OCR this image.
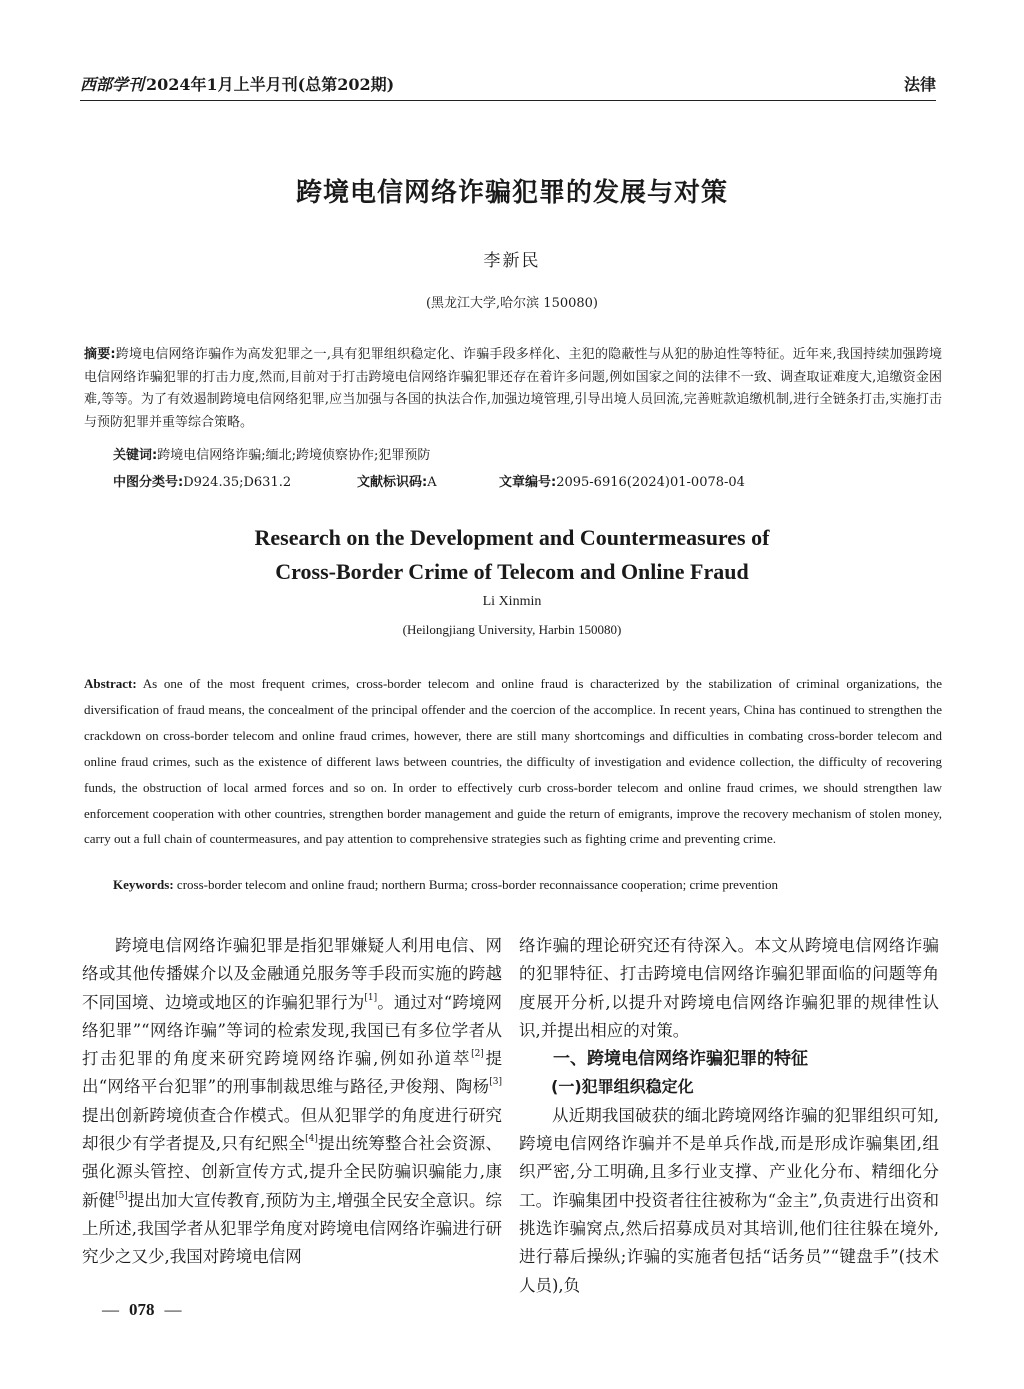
西部学刊 2024年1月上半月刊(总第202期)	法律
跨境电信网络诈骗犯罪的发展与对策
李新民
(黑龙江大学,哈尔滨 150080)
摘要:跨境电信网络诈骗作为高发犯罪之一,具有犯罪组织稳定化、诈骗手段多样化、主犯的隐蔽性与从犯的胁迫性等特征。近年来,我国持续加强跨境电信网络诈骗犯罪的打击力度,然而,目前对于打击跨境电信网络诈骗犯罪还存在着许多问题,例如国家之间的法律不一致、调查取证难度大,追缴资金困难,等等。为了有效遏制跨境电信网络犯罪,应当加强与各国的执法合作,加强边境管理,引导出境人员回流,完善赃款追缴机制,进行全链条打击,实施打击与预防犯罪并重等综合策略。
关键词:跨境电信网络诈骗;缅北;跨境侦察协作;犯罪预防
中图分类号:D924.35;D631.2	文献标识码:A	文章编号:2095-6916(2024)01-0078-04
Research on the Development and Countermeasures of
Cross-Border Crime of Telecom and Online Fraud
Li Xinmin
(Heilongjiang University, Harbin 150080)
Abstract: As one of the most frequent crimes, cross-border telecom and online fraud is characterized by the stabilization of criminal organizations, the diversification of fraud means, the concealment of the principal offender and the coercion of the accomplice. In recent years, China has continued to strengthen the crackdown on cross-border telecom and online fraud crimes, however, there are still many shortcomings and difficulties in combating cross-border telecom and online fraud crimes, such as the existence of different laws between countries, the difficulty of investigation and evidence collection, the difficulty of recovering funds, the obstruction of local armed forces and so on. In order to effectively curb cross-border telecom and online fraud crimes, we should strengthen law enforcement cooperation with other countries, strengthen border management and guide the return of emigrants, improve the recovery mechanism of stolen money, carry out a full chain of countermeasures, and pay attention to comprehensive strategies such as fighting crime and preventing crime.
Keywords: cross-border telecom and online fraud; northern Burma; cross-border reconnaissance cooperation; crime prevention

跨境电信网络诈骗犯罪是指犯罪嫌疑人利用电信、网络或其他传播媒介以及金融通兑服务等手段而实施的跨越不同国境、边境或地区的诈骗犯罪行为[1]。通过对“跨境网络犯罪”“网络诈骗”等词的检索发现,我国已有多位学者从打击犯罪的角度来研究跨境网络诈骗,例如孙道萃[2]提出“网络平台犯罪”的刑事制裁思维与路径,尹俊翔、陶杨[3]提出创新跨境侦查合作模式。但从犯罪学的角度进行研究却很少有学者提及,只有纪熙全[4]提出统筹整合社会资源、强化源头管控、创新宣传方式,提升全民防骗识骗能力,康新健[5]提出加大宣传教育,预防为主,增强全民安全意识。综上所述,我国学者从犯罪学角度对跨境电信网络诈骗进行研究少之又少,我国对跨境电信网

络诈骗的理论研究还有待深入。本文从跨境电信网络诈骗的犯罪特征、打击跨境电信网络诈骗犯罪面临的问题等角度展开分析,以提升对跨境电信网络诈骗犯罪的规律性认识,并提出相应的对策。

一、跨境电信网络诈骗犯罪的特征

(一)犯罪组织稳定化

从近期我国破获的缅北跨境网络诈骗的犯罪组织可知,跨境电信网络诈骗并不是单兵作战,而是形成诈骗集团,组织严密,分工明确,且多行业支撑、产业化分布、精细化分工。诈骗集团中投资者往往被称为“金主”,负责进行出资和挑选诈骗窝点,然后招募成员对其培训,他们往往躲在境外,进行幕后操纵;诈骗的实施者包括“话务员”“键盘手”(技术人员),负

— 078 —
